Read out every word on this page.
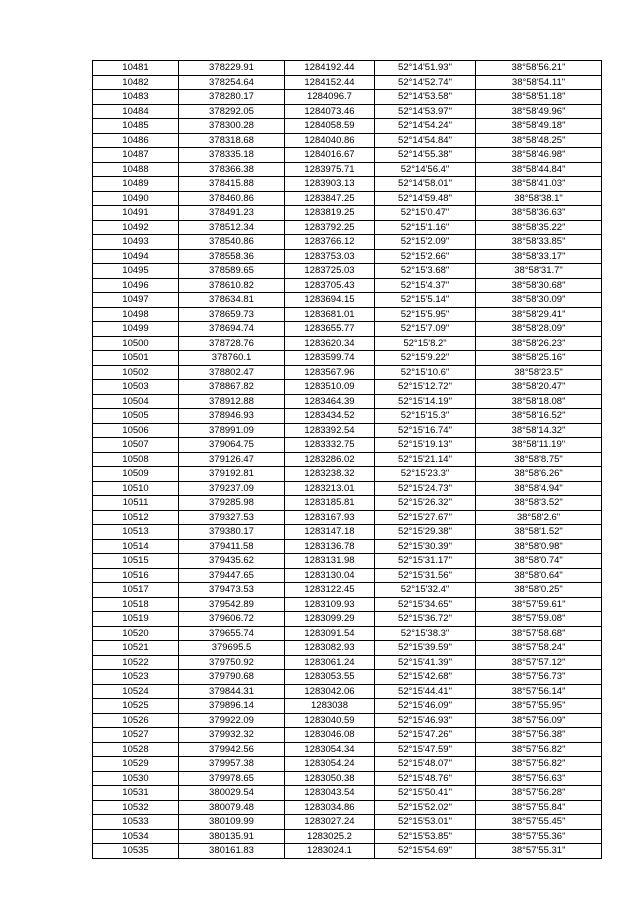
10481	378229.91	1284192.44	52°14'51.93"	38°58'56.21"
10482	378254.64	1284152.44	52°14'52.74"	38°58'54.11"
10483	378280.17	1284096.7	52°14'53.58"	38°58'51.18"
10484	378292.05	1284073.46	52°14'53.97"	38°58'49.96"
10485	378300.28	1284058.59	52°14'54.24"	38°58'49.18"
10486	378318.68	1284040.86	52°14'54.84"	38°58'48.25"
10487	378335.18	1284016.67	52°14'55.38"	38°58'46.98"
10488	378366.38	1283975.71	52°14'56.4"	38°58'44.84"
10489	378415.88	1283903.13	52°14'58.01"	38°58'41.03"
10490	378460.86	1283847.25	52°14'59.48"	38°58'38.1"
10491	378491.23	1283819.25	52°15'0.47"	38°58'36.63"
10492	378512.34	1283792.25	52°15'1.16"	38°58'35.22"
10493	378540.86	1283766.12	52°15'2.09"	38°58'33.85"
10494	378558.36	1283753.03	52°15'2.66"	38°58'33.17"
10495	378589.65	1283725.03	52°15'3.68"	38°58'31.7"
10496	378610.82	1283705.43	52°15'4.37"	38°58'30.68"
10497	378634.81	1283694.15	52°15'5.14"	38°58'30.09"
10498	378659.73	1283681.01	52°15'5.95"	38°58'29.41"
10499	378694.74	1283655.77	52°15'7.09"	38°58'28.09"
10500	378728.76	1283620.34	52°15'8.2"	38°58'26.23"
10501	378760.1	1283599.74	52°15'9.22"	38°58'25.16"
10502	378802.47	1283567.96	52°15'10.6"	38°58'23.5"
10503	378867.82	1283510.09	52°15'12.72"	38°58'20.47"
10504	378912.88	1283464.39	52°15'14.19"	38°58'18.08"
10505	378946.93	1283434.52	52°15'15.3"	38°58'16.52"
10506	378991.09	1283392.54	52°15'16.74"	38°58'14.32"
10507	379064.75	1283332.75	52°15'19.13"	38°58'11.19"
10508	379126.47	1283286.02	52°15'21.14"	38°58'8.75"
10509	379192.81	1283238.32	52°15'23.3"	38°58'6.26"
10510	379237.09	1283213.01	52°15'24.73"	38°58'4.94"
10511	379285.98	1283185.81	52°15'26.32"	38°58'3.52"
10512	379327.53	1283167.93	52°15'27.67"	38°58'2.6"
10513	379380.17	1283147.18	52°15'29.38"	38°58'1.52"
10514	379411.58	1283136.78	52°15'30.39"	38°58'0.98"
10515	379435.62	1283131.98	52°15'31.17"	38°58'0.74"
10516	379447.65	1283130.04	52°15'31.56"	38°58'0.64"
10517	379473.53	1283122.45	52°15'32.4"	38°58'0.25"
10518	379542.89	1283109.93	52°15'34.65"	38°57'59.61"
10519	379606.72	1283099.29	52°15'36.72"	38°57'59.08"
10520	379655.74	1283091.54	52°15'38.3"	38°57'58.68"
10521	379695.5	1283082.93	52°15'39.59"	38°57'58.24"
10522	379750.92	1283061.24	52°15'41.39"	38°57'57.12"
10523	379790.68	1283053.55	52°15'42.68"	38°57'56.73"
10524	379844.31	1283042.06	52°15'44.41"	38°57'56.14"
10525	379896.14	1283038	52°15'46.09"	38°57'55.95"
10526	379922.09	1283040.59	52°15'46.93"	38°57'56.09"
10527	379932.32	1283046.08	52°15'47.26"	38°57'56.38"
10528	379942.56	1283054.34	52°15'47.59"	38°57'56.82"
10529	379957.38	1283054.24	52°15'48.07"	38°57'56.82"
10530	379978.65	1283050.38	52°15'48.76"	38°57'56.63"
10531	380029.54	1283043.54	52°15'50.41"	38°57'56.28"
10532	380079.48	1283034.86	52°15'52.02"	38°57'55.84"
10533	380109.99	1283027.24	52°15'53.01"	38°57'55.45"
10534	380135.91	1283025.2	52°15'53.85"	38°57'55.36"
10535	380161.83	1283024.1	52°15'54.69"	38°57'55.31"
